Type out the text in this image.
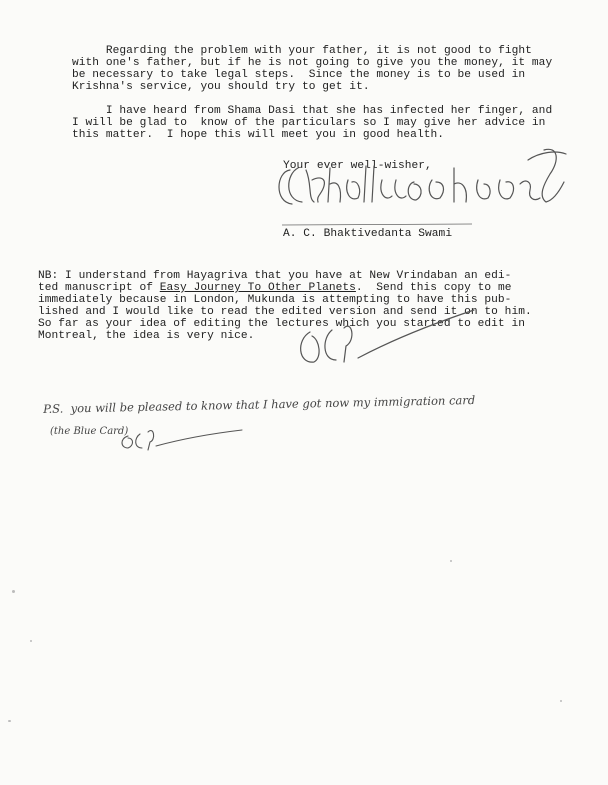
Regarding the problem with your father, it is not good to fight
with one's father, but if he is not going to give you the money, it may
be necessary to take legal steps.  Since the money is to be used in
Krishna's service, you should try to get it.
I have heard from Shama Dasi that she has infected her finger, and
I will be glad to  know of the particulars so I may give her advice in
this matter.  I hope this will meet you in good health.
Your ever well-wisher,
A. C. Bhaktivedanta Swami
NB: I understand from Hayagriva that you have at New Vrindaban an edi-
ted manuscript of Easy Journey To Other Planets.  Send this copy to me
immediately because in London, Mukunda is attempting to have this pub-
lished and I would like to read the edited version and send it on to him.
So far as your idea of editing the lectures which you started to edit in
Montreal, the idea is very nice.
P.S.  you will be pleased to know that I have got now my immigration card
(the Blue Card)
